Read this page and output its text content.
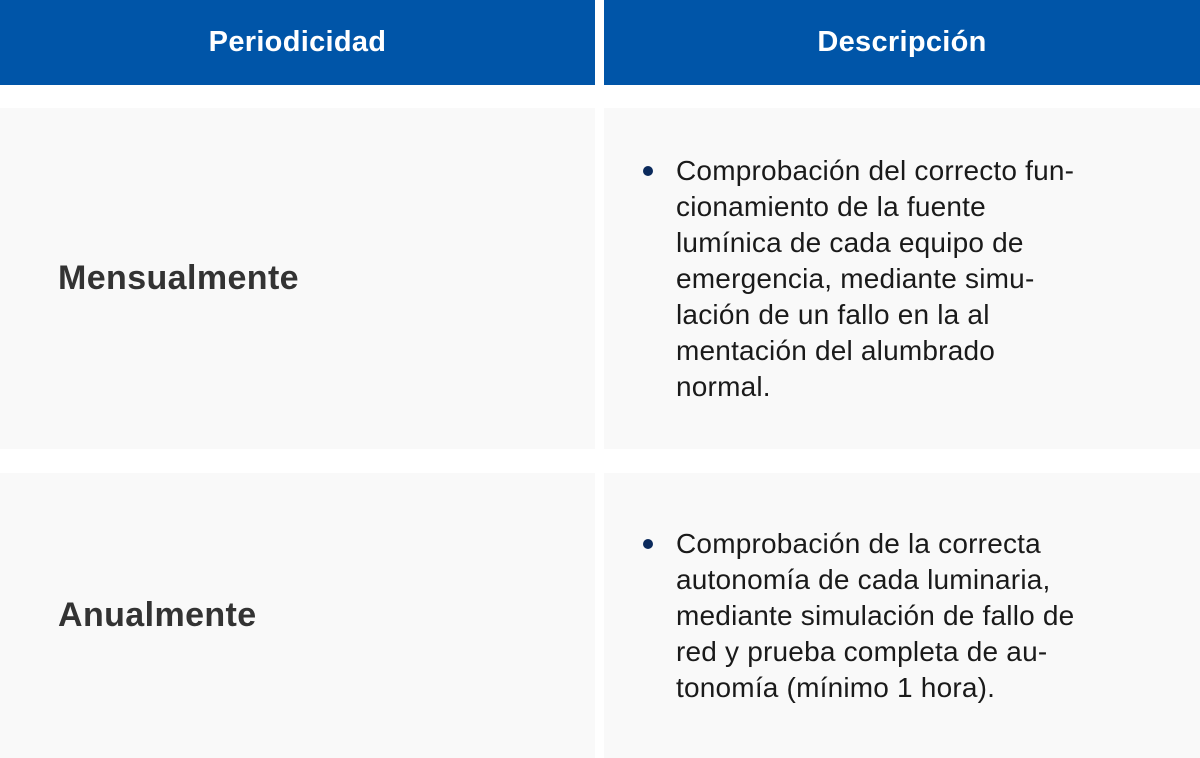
Periodicidad	Descripción
Mensualmente
Comprobación del correcto fun-
cionamiento de la fuente
lumínica de cada equipo de
emergencia, mediante simu-
lación de un fallo en la al
mentación del alumbrado
normal.
Anualmente
Comprobación de la correcta
autonomía de cada luminaria,
mediante simulación de fallo de
red y prueba completa de au-
tonomía (mínimo 1 hora).
